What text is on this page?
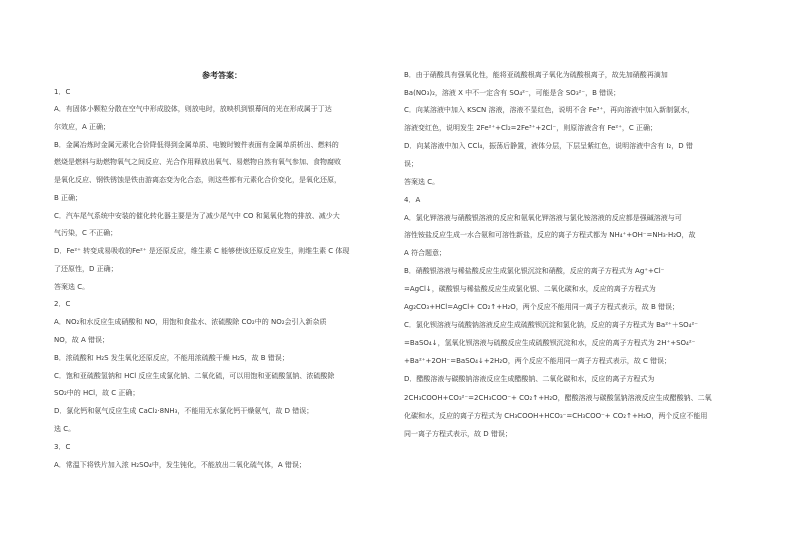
参考答案：
1．C
A．有固体小颗粒分散在空气中形成胶体，则放电时，放映机到银幕间的光在形成属于丁达
尔效应，A 正确；
B．金属冶炼时金属元素化合价降低得到金属单质、电镀时镀件表面有金属单质析出、燃料的
燃烧是燃料与助燃物氧气之间反应、光合作用释放出氧气、易燃物自然有氧气参加、食物腐败
是氧化反应、钢铁锈蚀是铁由游离态变为化合态，则这些都有元素化合价变化，是氧化还原，
B 正确；
C．汽车尾气系统中安装的催化转化器主要是为了减少尾气中 CO 和氮氧化物的排放、减少大
气污染，C 不正确；
D．Fe²⁺ 转变成易吸收的Fe²⁺ 是还原反应，维生素 C 能够使该还原反应发生，则维生素 C 体现
了还原性，D 正确；
答案选 C。
2．C
A．NO₂和水反应生成硝酸和 NO，用饱和食盐水、浓硫酸除 CO₂中的 NO₂会引入新杂质
NO，故 A 错误；
B．浓硫酸和 H₂S 发生氧化还原反应，不能用浓硫酸干燥 H₂S，故 B 错误；
C．饱和亚硫酸氢钠和 HCl 反应生成氯化钠、二氧化硫，可以用饱和亚硫酸氢钠、浓硫酸除
SO₂中的 HCl，故 C 正确；
D．氯化钙和氨气反应生成 CaCl₂·8NH₃，不能用无水氯化钙干燥氨气，故 D 错误；
选 C。
3．C
A．常温下将铁片加入浓 H₂SO₄中，发生钝化，不能放出二氧化硫气体，A 错误；
B．由于硝酸具有强氧化性，能将亚硫酸根离子氧化为硫酸根离子，故先加硝酸再滴加
Ba(NO₃)₂，溶液 X 中不一定含有 SO₄²⁻，可能是含 SO₃²⁻，B 错误；
C．向某溶液中加入 KSCN 溶液，溶液不显红色，说明不含 Fe³⁺，再向溶液中加入新制氯水，
溶液变红色，说明发生 2Fe²⁺+Cl₂=2Fe³⁺+2Cl⁻，则原溶液含有 Fe²⁺，C 正确；
D．向某溶液中加入 CCl₄，振荡后静置，液体分层，下层呈紫红色，说明溶液中含有 I₂，D 错
误；
答案选 C。
4．A
A．氯化钾溶液与硝酸银溶液的反应和氨氧化钾溶液与氯化铵溶液的反应都是强碱溶液与可
溶性铵盐反应生成一水合氨和可溶性新盐，反应的离子方程式都为 NH₄⁺+OH⁻=NH₃·H₂O，故
A 符合题意；
B．硝酸银溶液与稀盐酸反应生成氯化银沉淀和硝酸，反应的离子方程式为 Ag⁺+Cl⁻
=AgCl↓，碳酸银与稀盐酸反应生成氯化银、二氧化碳和水，反应的离子方程式为
Ag₂CO₃+HCl=AgCl+ CO₂↑+H₂O，两个反应不能用同一离子方程式表示，故 B 错误；
C．氯化钡溶液与硫酸钠溶液反应生成硫酸钡沉淀和氯化钠，反应的离子方程式为 Ba²⁺＋SO₄²⁻
=BaSO₄↓，氢氧化钡溶液与硫酸反应生成硫酸钡沉淀和水，反应的离子方程式为 2H⁺+SO₄²⁻
+Ba²⁺+2OH⁻=BaSO₄↓+2H₂O，两个反应不能用同一离子方程式表示，故 C 错误；
D．醋酸溶液与碳酸钠溶液反应生成醋酸钠、二氧化碳和水，反应的离子方程式为
2CH₃COOH+CO₃²⁻=2CH₃COO⁻+ CO₂↑+H₂O，醋酸溶液与碳酸氢钠溶液反应生成醋酸钠、二氧
化碳和水，反应的离子方程式为 CH₃COOH+HCO₃⁻=CH₃COO⁻+ CO₂↑+H₂O，两个反应不能用
同一离子方程式表示，故 D 错误；
